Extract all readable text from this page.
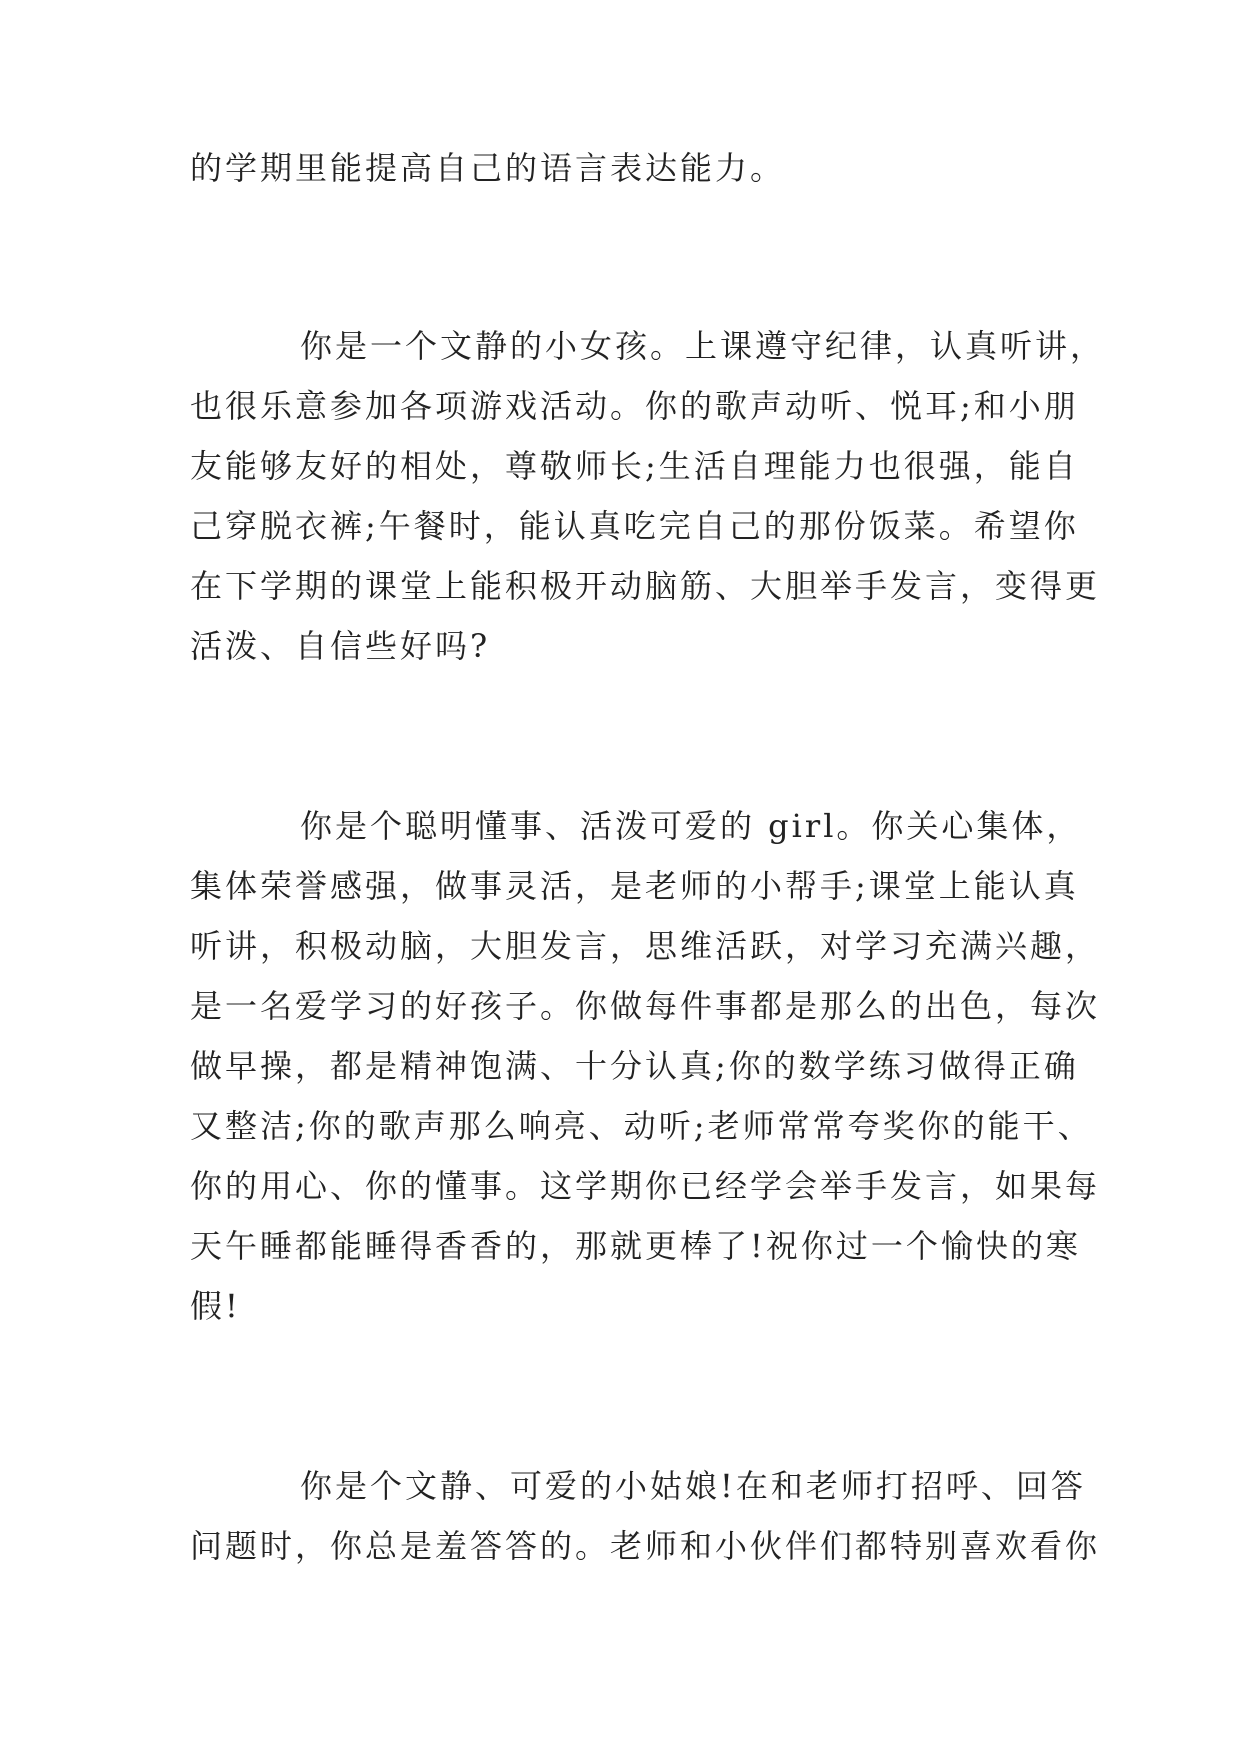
的学期里能提高自己的语言表达能力。
你是一个文静的小女孩。上课遵守纪律，认真听讲，
也很乐意参加各项游戏活动。你的歌声动听、悦耳;和小朋
友能够友好的相处，尊敬师长;生活自理能力也很强，能自
己穿脱衣裤;午餐时，能认真吃完自己的那份饭菜。希望你
在下学期的课堂上能积极开动脑筋、大胆举手发言，变得更
活泼、自信些好吗?
你是个聪明懂事、活泼可爱的 girl。你关心集体，
集体荣誉感强，做事灵活，是老师的小帮手;课堂上能认真
听讲，积极动脑，大胆发言，思维活跃，对学习充满兴趣，
是一名爱学习的好孩子。你做每件事都是那么的出色，每次
做早操，都是精神饱满、十分认真;你的数学练习做得正确
又整洁;你的歌声那么响亮、动听;老师常常夸奖你的能干、
你的用心、你的懂事。这学期你已经学会举手发言，如果每
天午睡都能睡得香香的，那就更棒了!祝你过一个愉快的寒
假!
你是个文静、可爱的小姑娘!在和老师打招呼、回答
问题时，你总是羞答答的。老师和小伙伴们都特别喜欢看你
